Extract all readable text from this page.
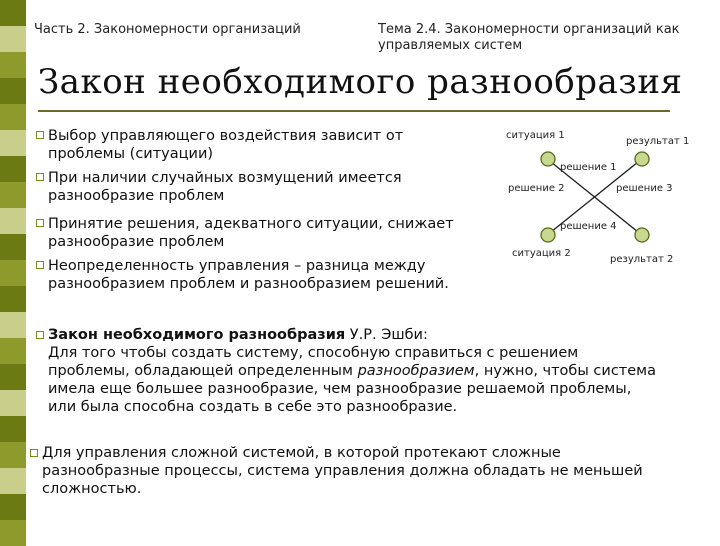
Часть 2. Закономерности организаций	Тема 2.4. Закономерности организаций как
управляемых систем
Закон необходимого разнообразия
Выбор управляющего воздействия зависит от
проблемы (ситуации)
При наличии случайных возмущений имеется
разнообразие проблем
Принятие решения, адекватного ситуации, снижает
разнообразие проблем
Неопределенность управления – разница между
разнообразием проблем и разнообразием решений.
ситуация 1
результат 1
решение 1
решение 2	решение 3
решение 4
ситуация 2
результат 2
Закон необходимого разнообразия У.Р. Эшби:
Для того чтобы создать систему, способную справиться с решением
проблемы, обладающей определенным разнообразием, нужно, чтобы система
имела еще большее разнообразие, чем разнообразие решаемой проблемы,
или была способна создать в себе это разнообразие.
Для управления сложной системой, в которой протекают сложные
разнообразные процессы, система управления должна обладать не меньшей
сложностью.
